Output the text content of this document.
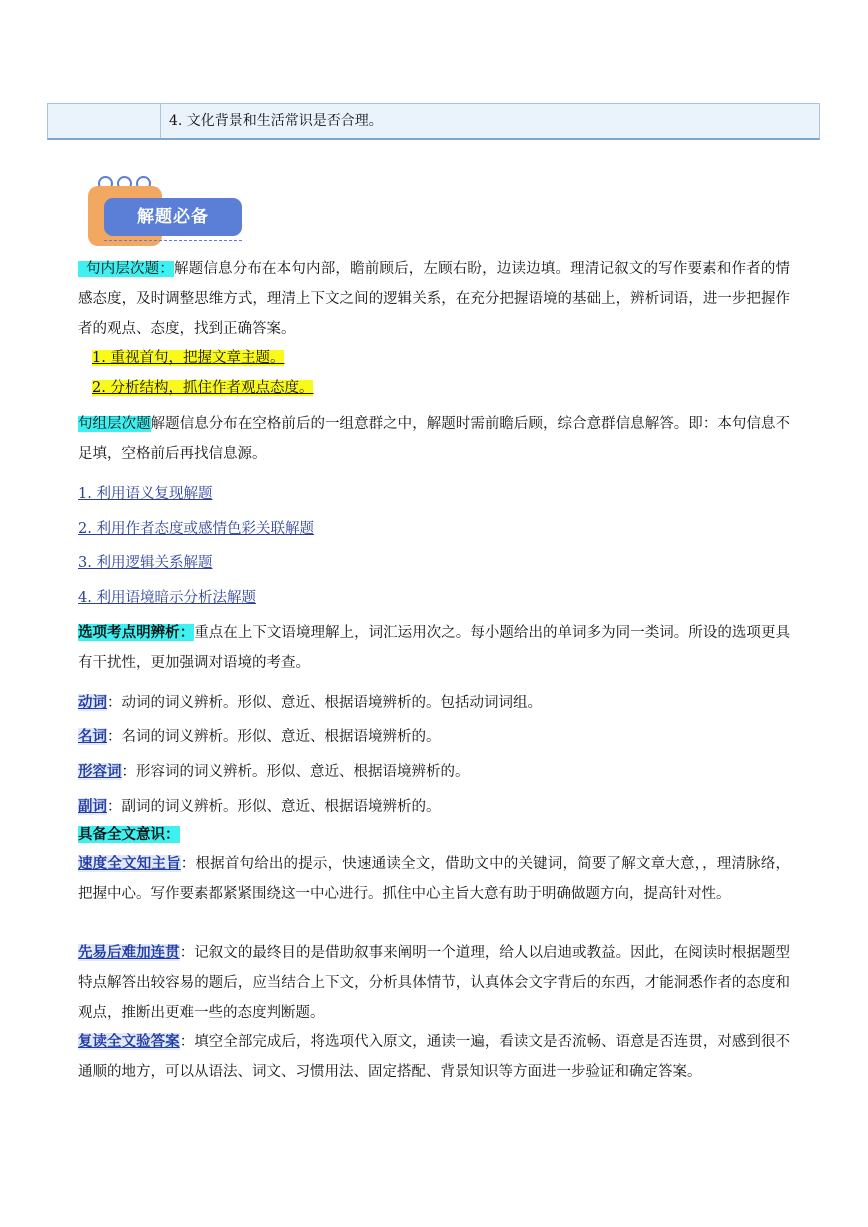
4. 文化背景和生活常识是否合理。
解题必备

句内层次题：解题信息分布在本句内部，瞻前顾后，左顾右盼，边读边填。理清记叙文的写作要素和作者的情感态度，及时调整思维方式，理清上下文之间的逻辑关系，在充分把握语境的基础上，辨析词语，进一步把握作者的观点、态度，找到正确答案。

1. 重视首句，把握文章主题。

2. 分析结构，抓住作者观点态度。

句组层次题解题信息分布在空格前后的一组意群之中，解题时需前瞻后顾，综合意群信息解答。即：本句信息不足填，空格前后再找信息源。

1. 利用语义复现解题

2. 利用作者态度或感情色彩关联解题

3. 利用逻辑关系解题

4. 利用语境暗示分析法解题

选项考点明辨析：重点在上下文语境理解上，词汇运用次之。每小题给出的单词多为同一类词。所设的选项更具有干扰性，更加强调对语境的考查。

动词：动词的词义辨析。形似、意近、根据语境辨析的。包括动词词组。

名词：名词的词义辨析。形似、意近、根据语境辨析的。

形容词：形容词的词义辨析。形似、意近、根据语境辨析的。

副词：副词的词义辨析。形似、意近、根据语境辨析的。

具备全文意识：

速度全文知主旨：根据首句给出的提示，快速通读全文，借助文中的关键词，简要了解文章大意，，理清脉络，把握中心。写作要素都紧紧围绕这一中心进行。抓住中心主旨大意有助于明确做题方向，提高针对性。

先易后难加连贯：记叙文的最终目的是借助叙事来阐明一个道理，给人以启迪或教益。因此，在阅读时根据题型特点解答出较容易的题后，应当结合上下文，分析具体情节，认真体会文字背后的东西，才能洞悉作者的态度和观点，推断出更难一些的态度判断题。

复读全文验答案：填空全部完成后，将选项代入原文，通读一遍，看读文是否流畅、语意是否连贯，对感到很不通顺的地方，可以从语法、词文、习惯用法、固定搭配、背景知识等方面进一步验证和确定答案。
